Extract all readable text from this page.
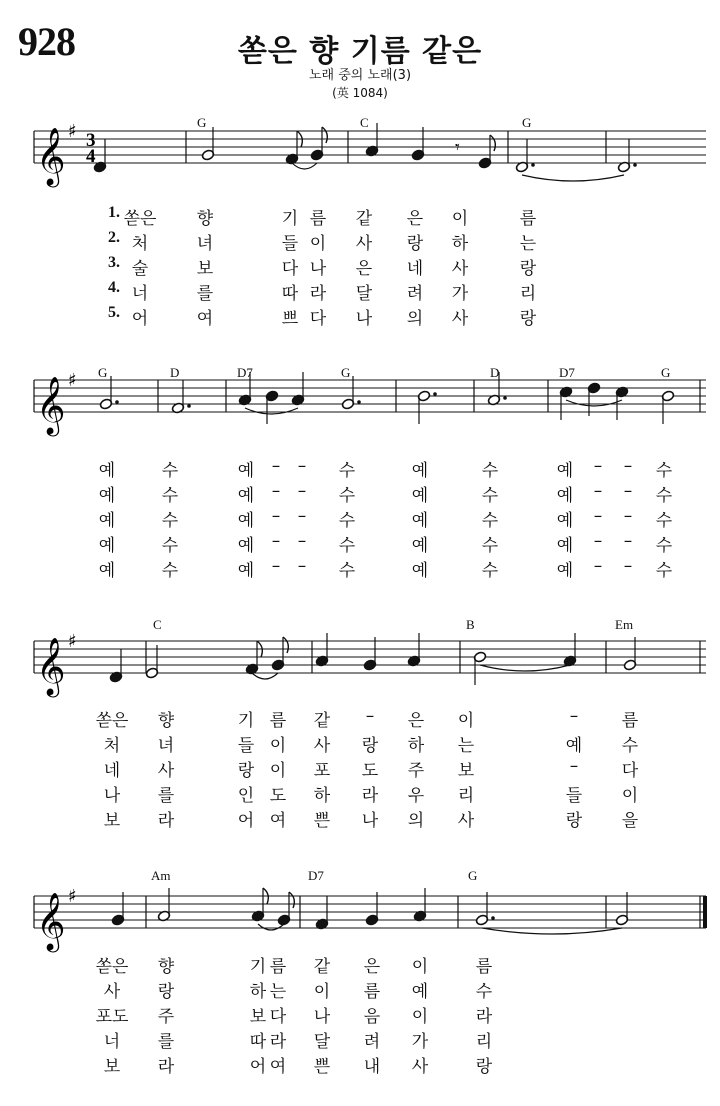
928	쏟은 향 기름 같은
노래 중의 노래(3)
(英 1084)
𝄞 ♯ 3
4	𝄾
G	C	G
1. 쏟은 향	기 름 같 은 이	름
2. 처	녀	들 이 사 랑 하	는
3. 술	보	다 나 은 네 사	랑
4. 너	를	따 라 달 려 가	리
5. 어	여	쁘 다 나 의 사	랑
𝄞 ♯ G	D	D7	G	D	D7	G
예	수	예 – – 수	예	수	예 – – 수
예	수	예 – – 수	예	수	예 – – 수
예	수	예 – – 수	예	수	예 – – 수
예	수	예 – – 수	예	수	예 – – 수
예	수	예 – – 수	예	수	예 – – 수
𝄞 ♯
C	B	Em
쏟은 향	기 름 같 – 은 이	–	름
처 녀	들 이 사 랑 하 는	예 수
네 사	랑 이 포 도 주 보	–	다
나 를	인 도 하 라 우 리	들 이
보 라	어 여 쁜 나 의 사	랑 을
𝄞 ♯
Am	D7	G
쏟은 향	기 름 같 은 이	름
사 랑	하 는 이 름 예	수
포도 주	보 다 나 음 이	라
너 를	따 라 달 려 가	리
보 라	어 여 쁜 내 사	랑
